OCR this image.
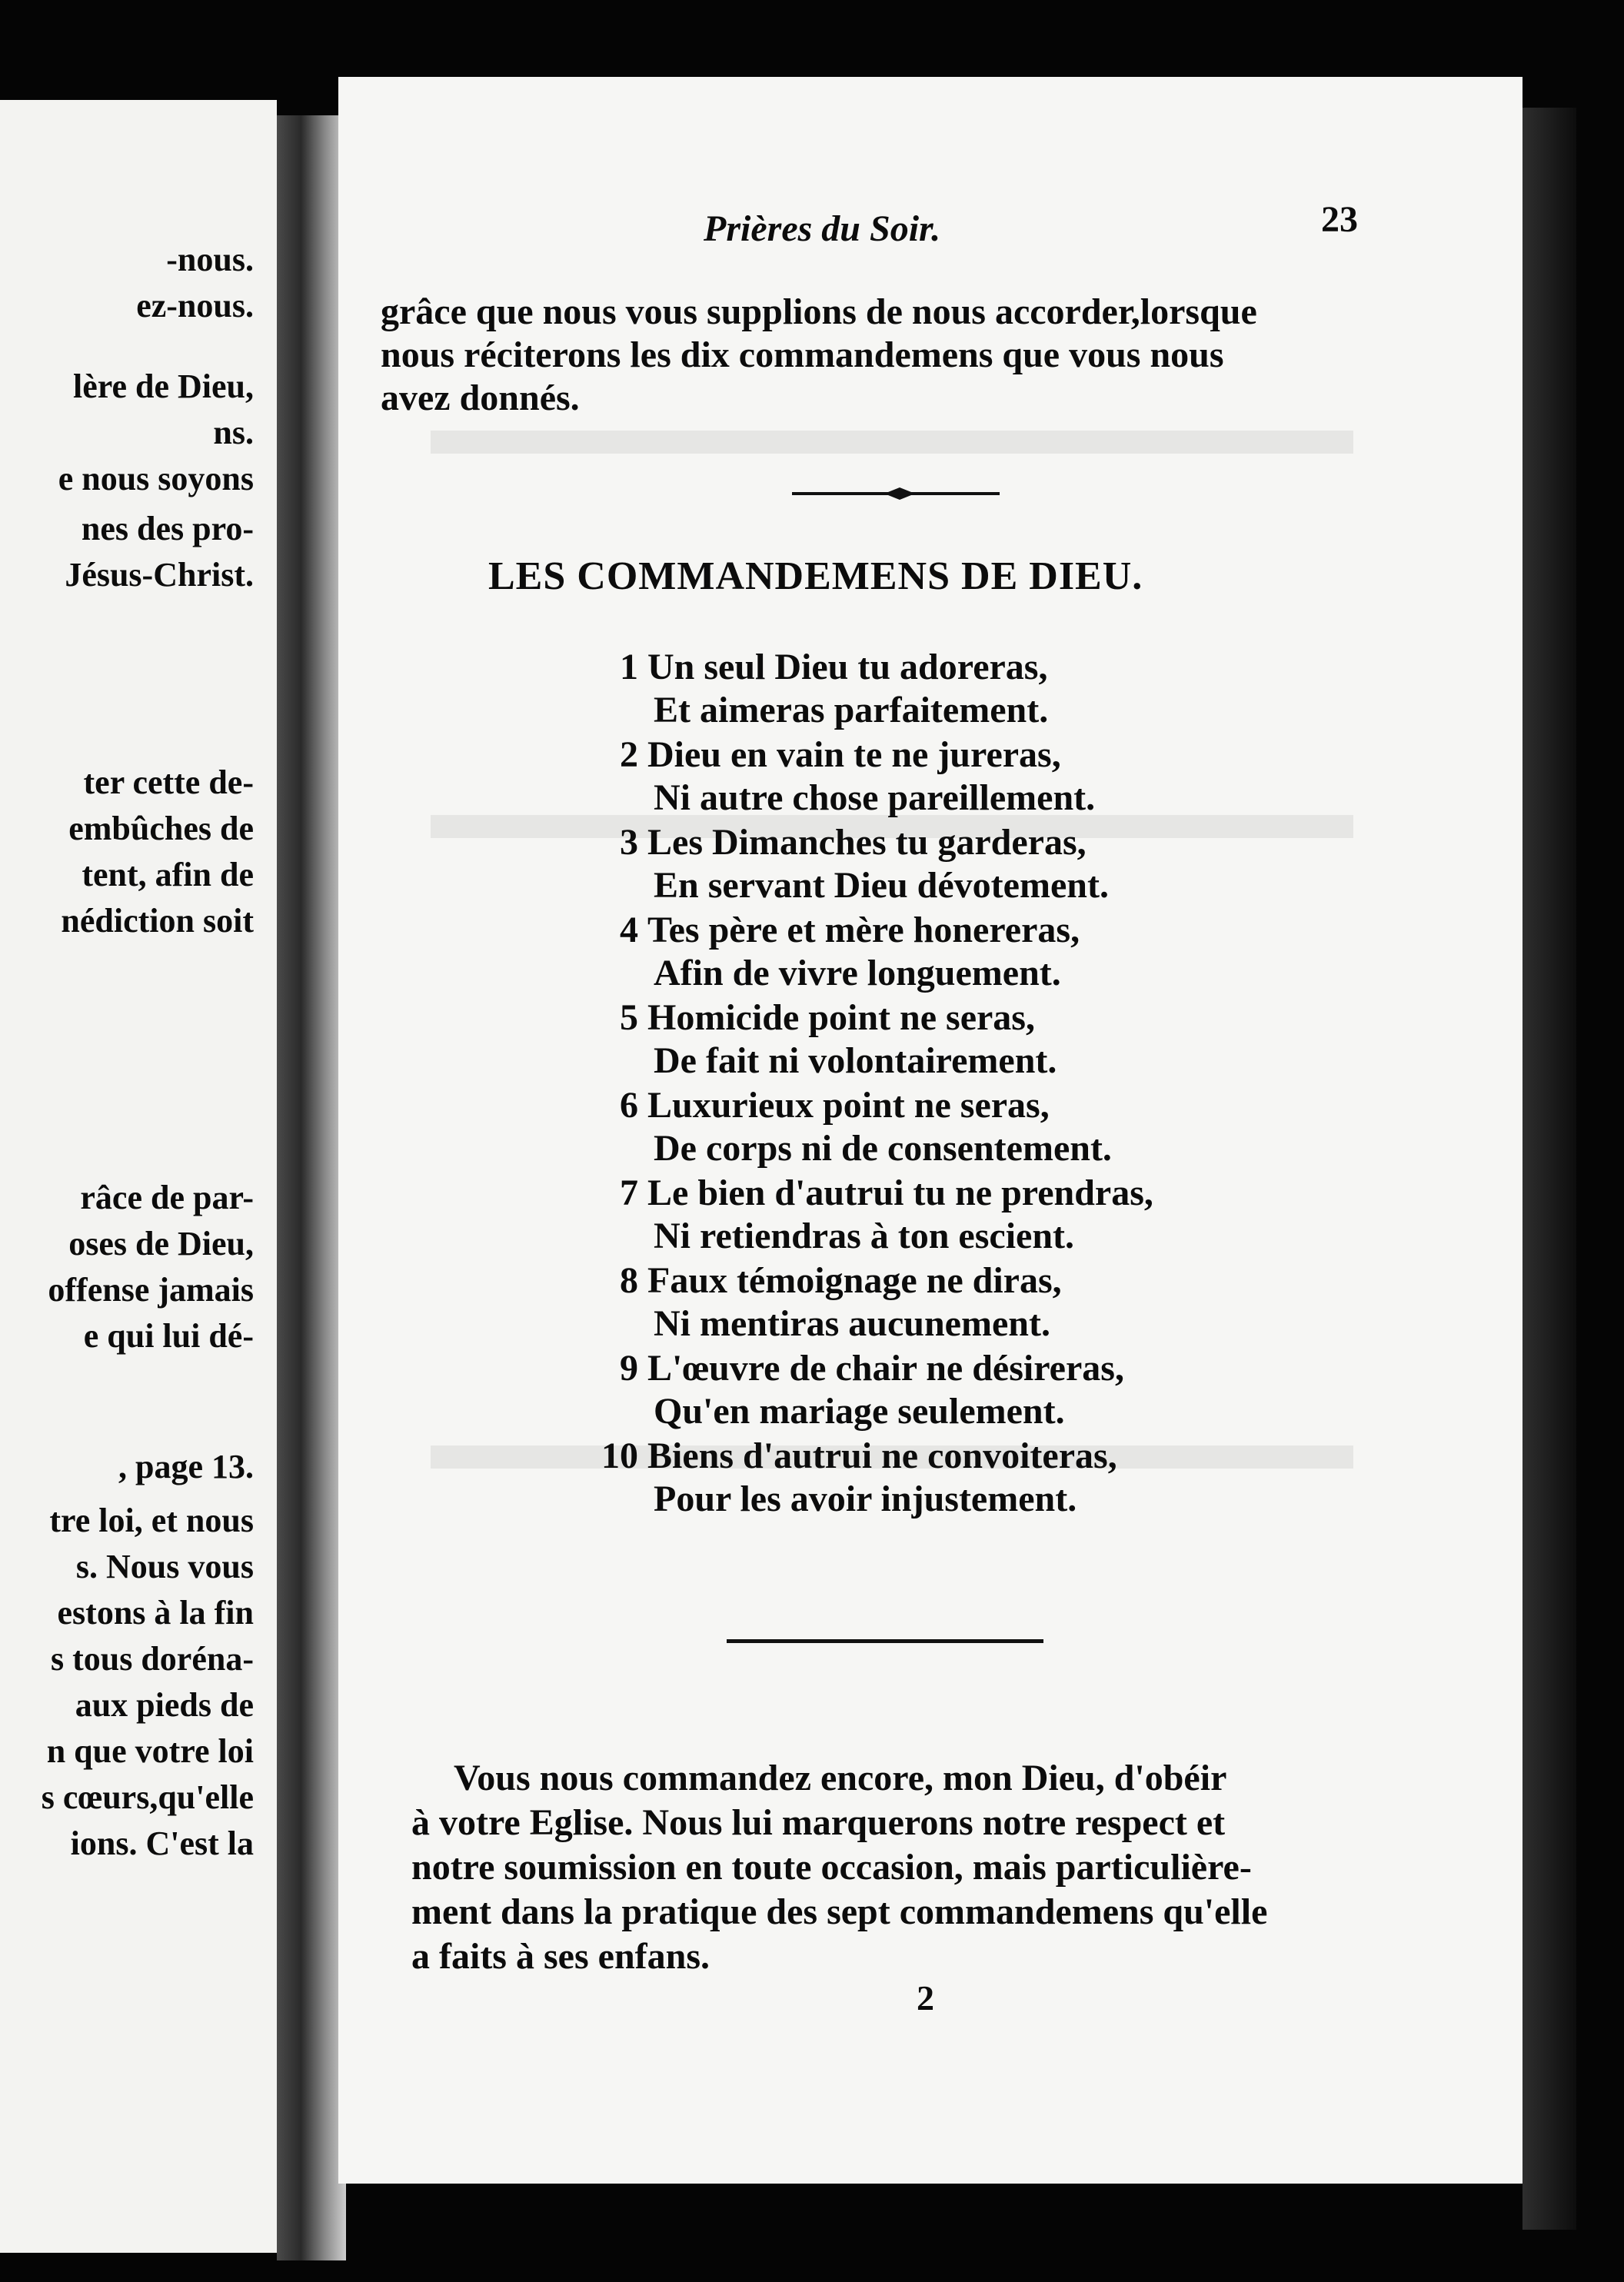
-nous.
ez-nous.
lère de Dieu,
ns.
e nous soyons
nes des pro-
Jésus-Christ.
ter cette de-
embûches de
tent, afin de
nédiction soit
râce de par-
oses de Dieu,
offense jamais
e qui lui dé-
, page 13.
tre loi, et nous
s. Nous vous
estons à la fin
s tous doréna-
aux pieds de
n que votre loi
s cœurs,qu'elle
ions. C'est la
Prières du Soir.	23
grâce que nous vous supplions de nous accorder,lorsque
nous réciterons les dix commandemens que vous nous
avez donnés.
LES COMMANDEMENS DE DIEU.
1 Un seul Dieu tu adoreras,
Et aimeras parfaitement.
2 Dieu en vain te ne jureras,
Ni autre chose pareillement.
3 Les Dimanches tu garderas,
En servant Dieu dévotement.
4 Tes père et mère honereras,
Afin de vivre longuement.
5 Homicide point ne seras,
De fait ni volontairement.
6 Luxurieux point ne seras,
De corps ni de consentement.
7 Le bien d'autrui tu ne prendras,
Ni retiendras à ton escient.
8 Faux témoignage ne diras,
Ni mentiras aucunement.
9 L'œuvre de chair ne désireras,
Qu'en mariage seulement.
10 Biens d'autrui ne convoiteras,
Pour les avoir injustement.
Vous nous commandez encore, mon Dieu, d'obéir
à votre Eglise. Nous lui marquerons notre respect et
notre soumission en toute occasion, mais particulière-
ment dans la pratique des sept commandemens qu'elle
a faits à ses enfans.
2
